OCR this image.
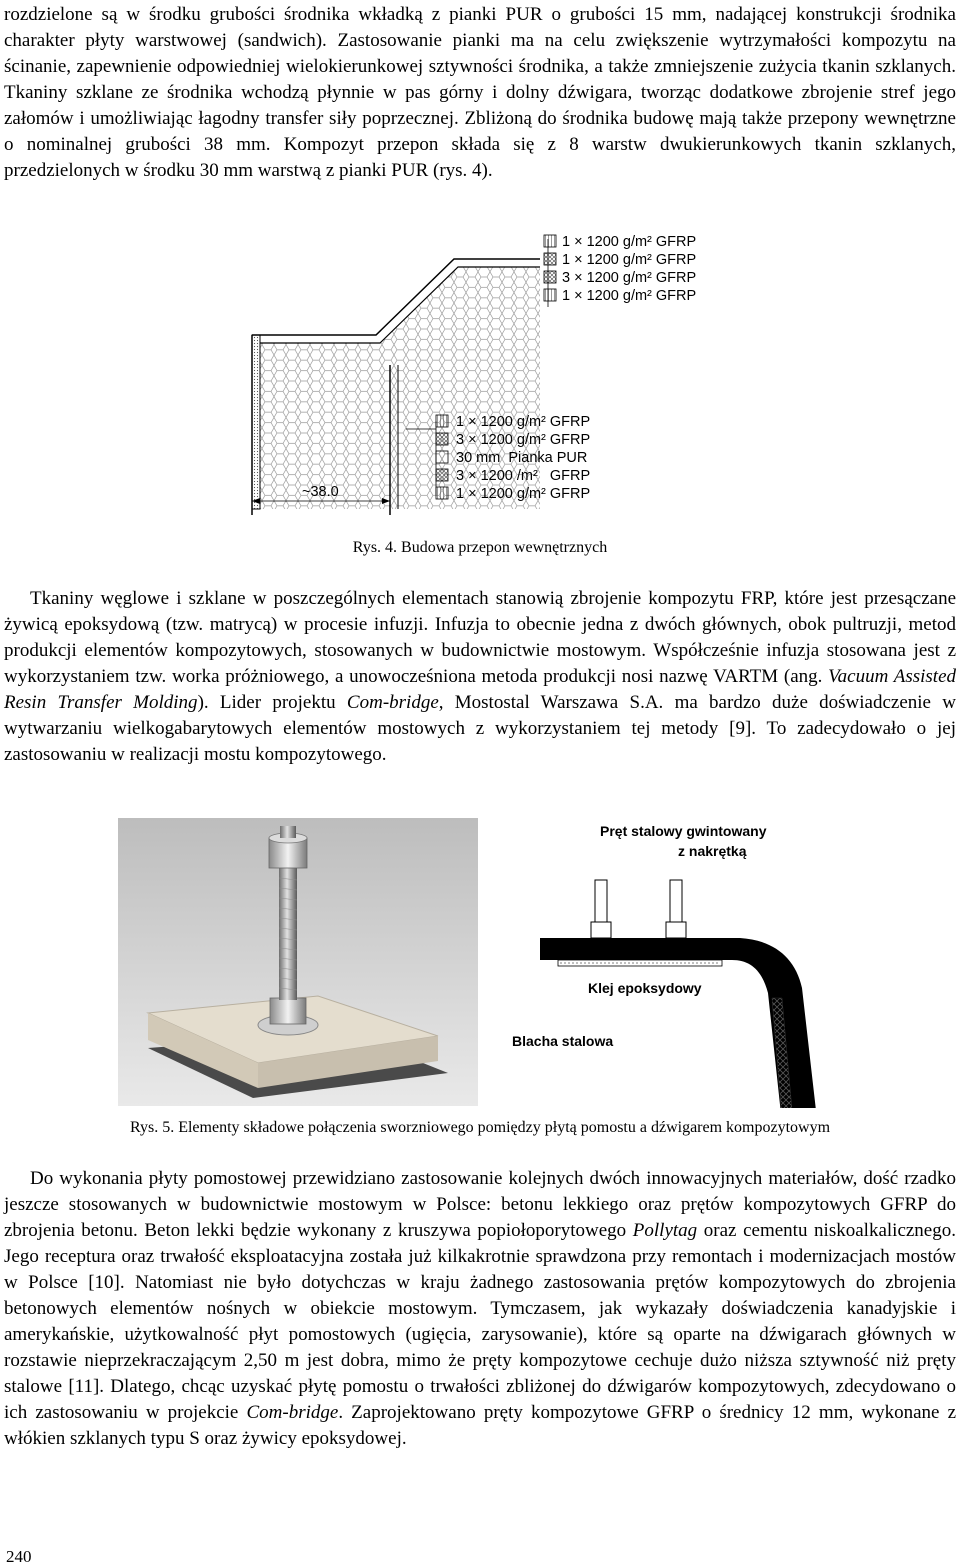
rozdzielone są w środku grubości środnika wkładką z pianki PUR o grubości 15 mm, nadającej konstrukcji środnika charakter płyty warstwowej (sandwich). Zastosowanie pianki ma na celu zwiększenie wytrzymałości kompozytu na ścinanie, zapewnienie odpowiedniej wielokierunkowej sztywności środnika, a także zmniejszenie zużycia tkanin szklanych. Tkaniny szklane ze środnika wchodzą płynnie w pas górny i dolny dźwigara, tworząc dodatkowe zbrojenie stref jego załomów i umożliwiając łagodny transfer siły poprzecznej. Zbliżoną do środnika budowę mają także przepony wewnętrzne o nominalnej grubości 38 mm. Kompozyt przepon składa się z 8 warstw dwukierunkowych tkanin szklanych, przedzielonych w środku 30 mm warstwą z pianki PUR (rys. 4).

~38.0
1 × 1200 g/m² GFRP
1 × 1200 g/m² GFRP
3 × 1200 g/m² GFRP
1 × 1200 g/m² GFRP
1 × 1200 g/m² GFRP
3 × 1200 g/m² GFRP
30 mm  Pianka PUR
3 × 1200 /m²   GFRP
1 × 1200 g/m² GFRP
Rys. 4. Budowa przepon wewnętrznych

Tkaniny węglowe i szklane w poszczególnych elementach stanowią zbrojenie kompozytu FRP, które jest przesączane żywicą epoksydową (tzw. matrycą) w procesie infuzji. Infuzja to obecnie jedna z dwóch głównych, obok pultruzji, metod produkcji elementów kompozytowych, stosowanych w budownictwie mostowym. Współcześnie infuzja stosowana jest z wykorzystaniem tzw. worka próżniowego, a unowocześniona metoda produkcji nosi nazwę VARTM (ang. Vacuum Assisted Resin Transfer Molding). Lider projektu Com-bridge, Mostostal Warszawa S.A. ma bardzo duże doświadczenie w wytwarzaniu wielkogabarytowych elementów mostowych z wykorzystaniem tej metody [9]. To zadecydowało o jej zastosowaniu w realizacji mostu kompozytowego.

Pręt stalowy gwintowany
z nakrętką
Klej epoksydowy
Blacha stalowa
Rys. 5. Elementy składowe połączenia sworzniowego pomiędzy płytą pomostu a dźwigarem kompozytowym

Do wykonania płyty pomostowej przewidziano zastosowanie kolejnych dwóch innowacyjnych materiałów, dość rzadko jeszcze stosowanych w budownictwie mostowym w Polsce: betonu lekkiego oraz prętów kompozytowych GFRP do zbrojenia betonu. Beton lekki będzie wykonany z kruszywa popiołoporytowego Pollytag oraz cementu niskoalkalicznego. Jego receptura oraz trwałość eksploatacyjna została już kilkakrotnie sprawdzona przy remontach i modernizacjach mostów w Polsce [10]. Natomiast nie było dotychczas w kraju żadnego zastosowania prętów kompozytowych do zbrojenia betonowych elementów nośnych w obiekcie mostowym. Tymczasem, jak wykazały doświadczenia kanadyjskie i amerykańskie, użytkowalność płyt pomostowych (ugięcia, zarysowanie), które są oparte na dźwigarach głównych w rozstawie nieprzekraczającym 2,50 m jest dobra, mimo że pręty kompozytowe cechuje dużo niższa sztywność niż pręty stalowe [11]. Dlatego, chcąc uzyskać płytę pomostu o trwałości zbliżonej do dźwigarów kompozytowych, zdecydowano o ich zastosowaniu w projekcie Com-bridge. Zaprojektowano pręty kompozytowe GFRP o średnicy 12 mm, wykonane z włókien szklanych typu S oraz żywicy epoksydowej.

240
